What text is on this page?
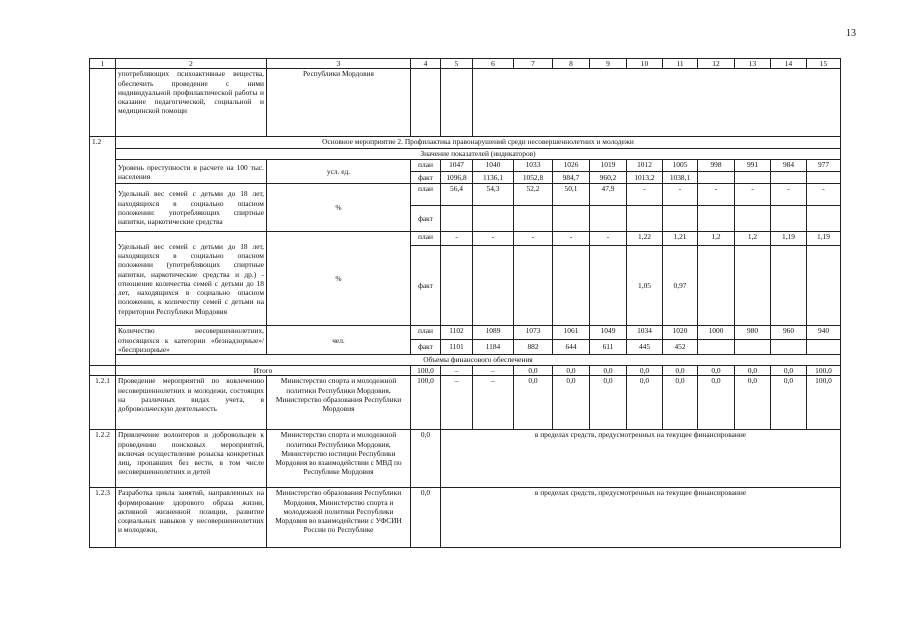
13
1	2	3	4	5	6	7	8	9	10	11	12	13	14	15
	употребляющих психоактивные вещества, обеспечить проведение с ними индивидуальной профилактической работы и оказание педагогической, социальной и медицинской помощи	Республики Мордовия												
1.2	Основное мероприятие 2. Профилактика правонарушений среди несовершеннолетних и молодежи													
	Значение показателей (индикаторов)													
	Уровень преступности в расчете на 100 тыс. населения	усл. ед.	план	1047	1040	1033	1026	1019	1012	1005	998	991	984	977
			факт	1096,8	1136,1	1052,8	984,7	960,2	1013,2	1038,1				
	Удельный вес семей с детьми до 18 лет, находящихся в социально опасном положении: употребляющих спиртные напитки, наркотические средства	%	план	56,4	54,3	52,2	50,1	47,9	-	-	-	-	-	-
			факт											
	Удельный вес семей с детьми до 18 лет, находящихся в социально опасном положении (употребляющих спиртные напитки, наркотические средства и др.) - отношение количества семей с детьми до 18 лет, находящихся в социально опасном положении, к количеству семей с детьми на территории Республики Мордовия	%	план	-	-	-	-	-	1,22	1,21	1,2	1,2	1,19	1,19
			факт						1,05	0,97				
	Количество несовершеннолетних, относящихся к категории «безнадзорные»/ «беспризорные»	чел.	план	1102	1089	1073	1061	1049	1034	1020	1000	980	960	940
			факт	1101	1184	882	644	611	445	452				
	Объемы финансового обеспечения													
	Итого		100,0	–	–	0,0	0,0	0,0	0,0	0,0	0,0	0,0	0,0	100,0
1.2.1	Проведение мероприятий по вовлечению несовершеннолетних и молодежи, состоящих на различных видах учета, в добровольческую деятельность	Министерство спорта и молодежной политики Республики Мордовия, Министерство образования Республики Мордовия	100,0	–	–	0,0	0,0	0,0	0,0	0,0	0,0	0,0	0,0	100,0
1.2.2	Привлечение волонтеров и добровольцев к проведению поисковых мероприятий, включая осуществление розыска конкретных лиц, пропавших без вести, в том числе несовершеннолетних и детей	Министерство спорта и молодежной политики Республики Мордовия, Министерство юстиции Республики Мордовия во взаимодействии с МВД по Республике Мордовия	0,0	в пределах средств, предусмотренных на текущее финансирование										
1.2.3	Разработка цикла занятий, направленных на формирование здорового образа жизни, активной жизненной позиции, развитие социальных навыков у несовершеннолетних и молодежи,	Министерство образования Республики Мордовия, Министерство спорта и молодежной политики Республики Мордовия во взаимодействии с УФСИН России по Республике	0,0	в пределах средств, предусмотренных на текущее финансирование										
